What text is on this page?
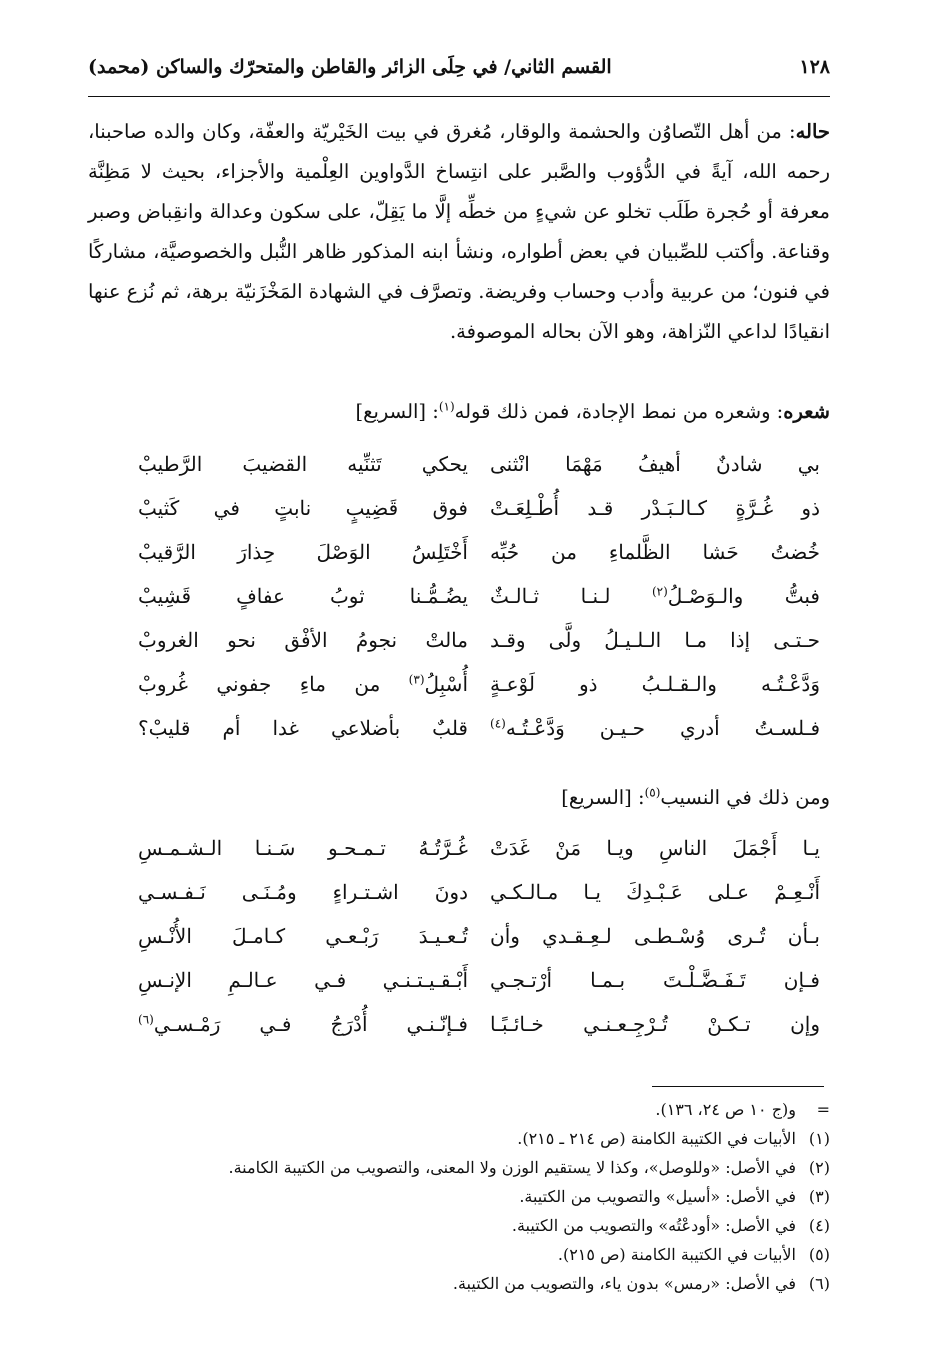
١٢٨
القسم الثاني/ في حِلَى الزائر والقاطن والمتحرّك والساكن (محمد)

حاله: من أهل التّصاوُن والحشمة والوقار، مُغرق في بيت الخَيْريّة والعفّة، وكان والده صاحبنا، رحمه الله، آيةً في الدُّؤوب والصَّبر على انتِساخ الدَّواوين العِلْمية والأجزاء، بحيث لا مَظِنَّة معرفة أو حُجرة طَلَب تخلو عن شيءٍ من خطِّه إلَّا ما يَقِلّ، على سكون وعدالة وانقِباض وصبر وقناعة. وأكتب للصِّبيان في بعض أطواره، ونشأ ابنه المذكور ظاهر النُّبل والخصوصيَّة، مشاركًا في فنون؛ من عربية وأدب وحساب وفريضة. وتصرَّف في الشهادة المَخْزَنيّة برهة، ثم نُزع عنها انقيادًا لداعي النّزاهة، وهو الآن بحاله الموصوفة.

شعره: وشعره من نمط الإجادة، فمن ذلك قوله$^{(١)}$: [السريع]
بي شادنٌ أهيفُ مَهْمَا انْثنى
يحكي تَثنِّيه القضيبَ الرَّطيبْ
ذو غُـرَّةٍ كـالـبَـدْر قـد أُطْـلِعَـتْ
فوق قَضِيبٍ نابتٍ في كَثيبْ
خُضتُ حَشا الظَّلماءِ من حُبِّه
أَخْتَلِسُ الوَصْلَ حِذارَ الرَّقيبْ
فبتُّ والـوَصْـلُ$^{(٢)}$ لـنـا ثـالـثٌ
يضُـمُّـنا ثوبُ عفافٍ قَشِيبْ
حـتـى إذا مـا الـلـيـلُ ولَّى وقـد
مالتْ نجومُ الأفْق نحو الغروبْ
وَدَّعْـتُـه والـقـلـبُ ذو لَوْعـةٍ
أُسْبِلُ$^{(٣)}$ من ماءِ جفوني غُروبْ
فـلسـتُ أدري حـيـن وَدَّعْـتُـه$^{(٤)}$
قلبٌ بأضلاعي غدا أم قليبْ؟
ومن ذلك في النسيب$^{(٥)}$: [السريع]
يـا أَجْمَلَ الناسِ ويـا مَنْ غَدَتْ
غُـرَّتُـهُ تـمـحـو سَـنـا الـشـمـسِ
أَنْـعِـمْ عـلى عَـبْـدِكَ يـا مـالـكـي
دونَ اشـتـراءٍ ومُـنَـى نَـفـسـي
بـأن تُـرى وُسْـطـى لـعِـقـدي وأن
تُـعـيـدَ رَبْـعـي كـامـلَ الأُنْـسِ
فـإن تَـفَـضَّـلْـتَ بـمـا أرْتـجـي
أَبْـقـيـتـنـي فـي عـالـمِ الإنـسِ
وإن تـكـنْ تُـرْجِـعـنـي خـائـبًـا
فـإنّـنـي أُدْرَجُ فـي رَمْـسـي$^{(٦)}$
=
و(ج ١٠ ص ٢٤، ١٣٦).
(١)
الأبيات في الكتيبة الكامنة (ص ٢١٤ ـ ٢١٥).
(٢)
في الأصل: «وللوصل»، وكذا لا يستقيم الوزن ولا المعنى، والتصويب من الكتيبة الكامنة.
(٣)
في الأصل: «أسيل» والتصويب من الكتيبة.
(٤)
في الأصل: «أودعْتُه» والتصويب من الكتيبة.
(٥)
الأبيات في الكتيبة الكامنة (ص ٢١٥).
(٦)
في الأصل: «رمس» بدون ياء، والتصويب من الكتيبة.
